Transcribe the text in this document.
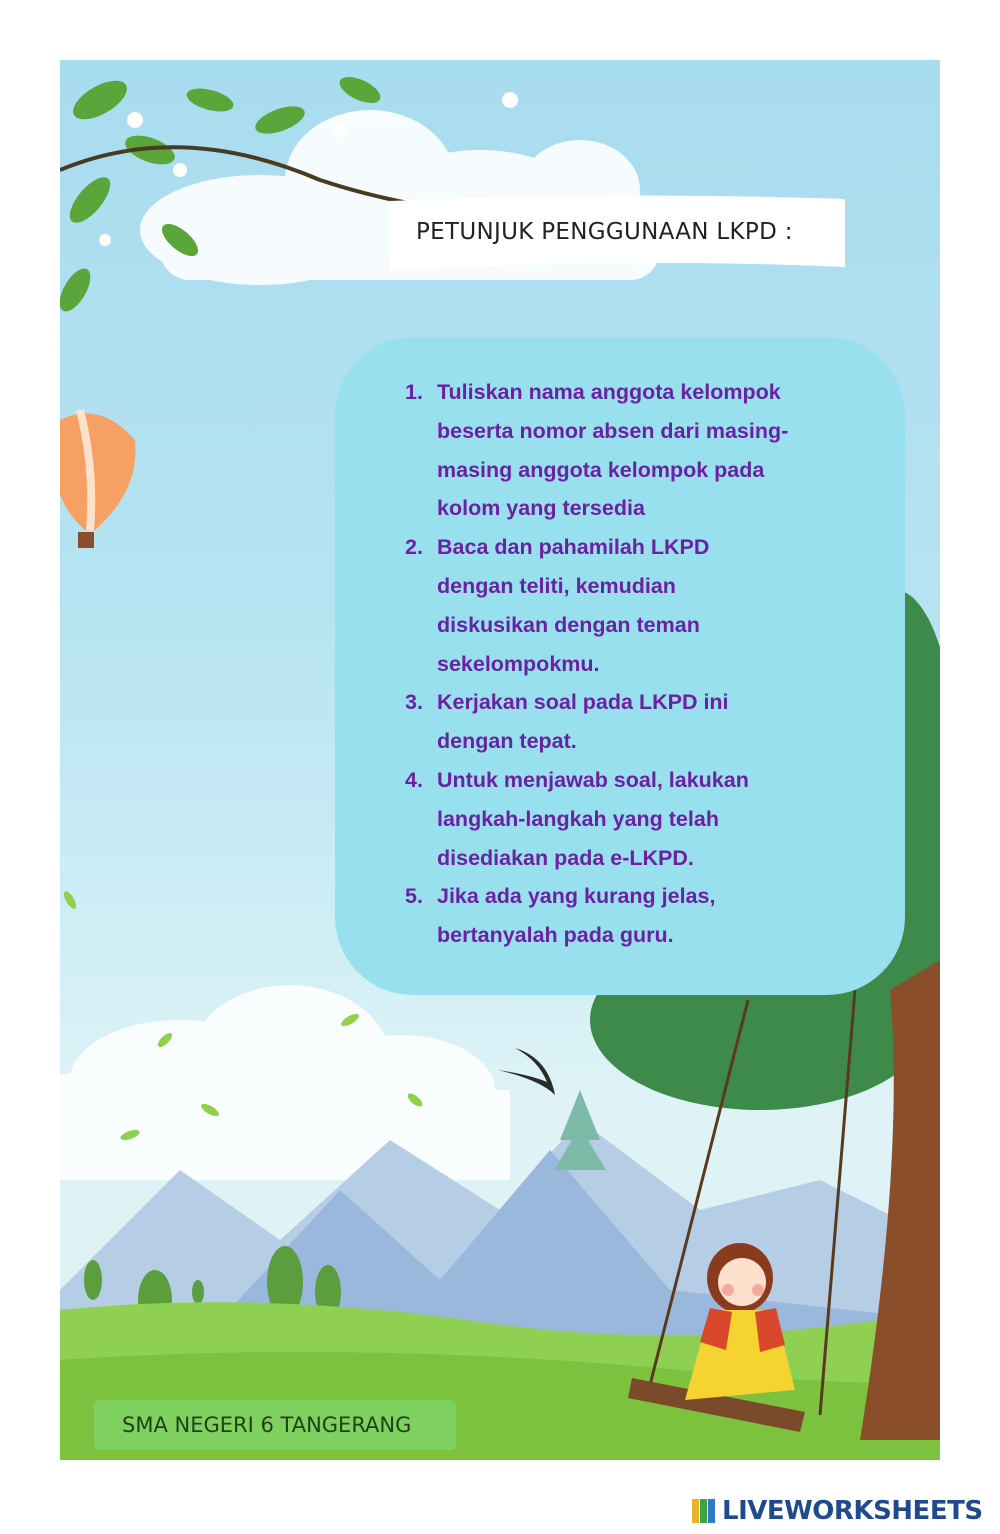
PETUNJUK PENGGUNAAN LKPD :
1. Tuliskan nama anggota kelompok
beserta nomor absen dari masing-
masing anggota kelompok pada
kolom yang tersedia
2. Baca dan pahamilah LKPD
dengan teliti, kemudian
diskusikan dengan teman
sekelompokmu.
3. Kerjakan soal pada LKPD ini
dengan tepat.
4. Untuk menjawab soal, lakukan
langkah-langkah yang telah
disediakan pada e-LKPD.
5. Jika ada yang kurang jelas,
bertanyalah pada guru.
SMA NEGERI 6 TANGERANG
LIVEWORKSHEETS
